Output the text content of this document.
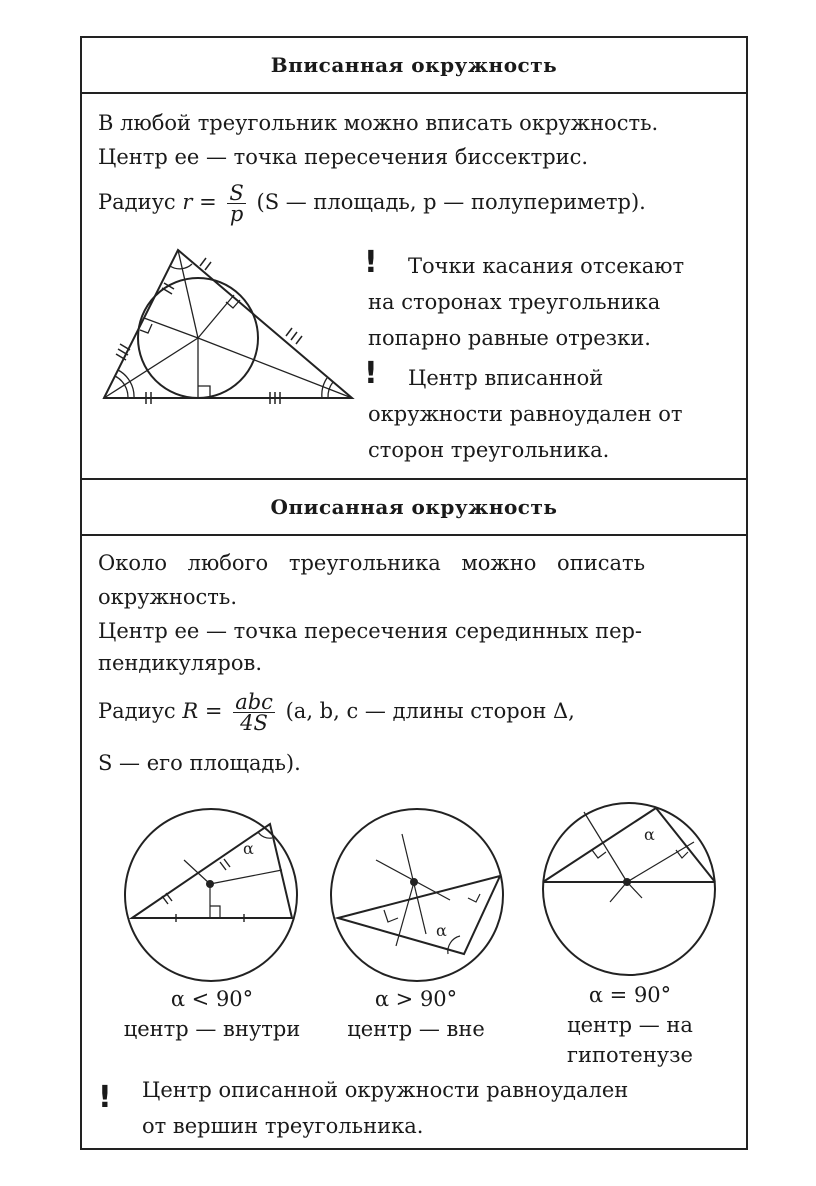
Вписанная окружность
В любой треугольник можно вписать окружность.
Центр ее — точка пересечения биссектрис.
Радиус $r = \frac{S}{p} (S$ — площадь, p — полупериметр).
!	Точки касания отсекают
на сторонах треугольника
попарно равные отрезки.
!	Центр вписанной
окружности равноудален от
сторон треугольника.
Описанная окружность
Около любого треугольника можно описать
окружность.
Центр ее — точка пересечения серединных пер-
пендикуляров.
Радиус $R = \frac{\text{abc}}{4S} (a$, b, c — длины сторон Δ,
S — его площадь).
α
α
α
α < 90°
центр — внутри
α > 90°
центр — вне
α = 90°
центр — на
гипотенузе
! Центр описанной окружности равноудален
от вершин треугольника.
